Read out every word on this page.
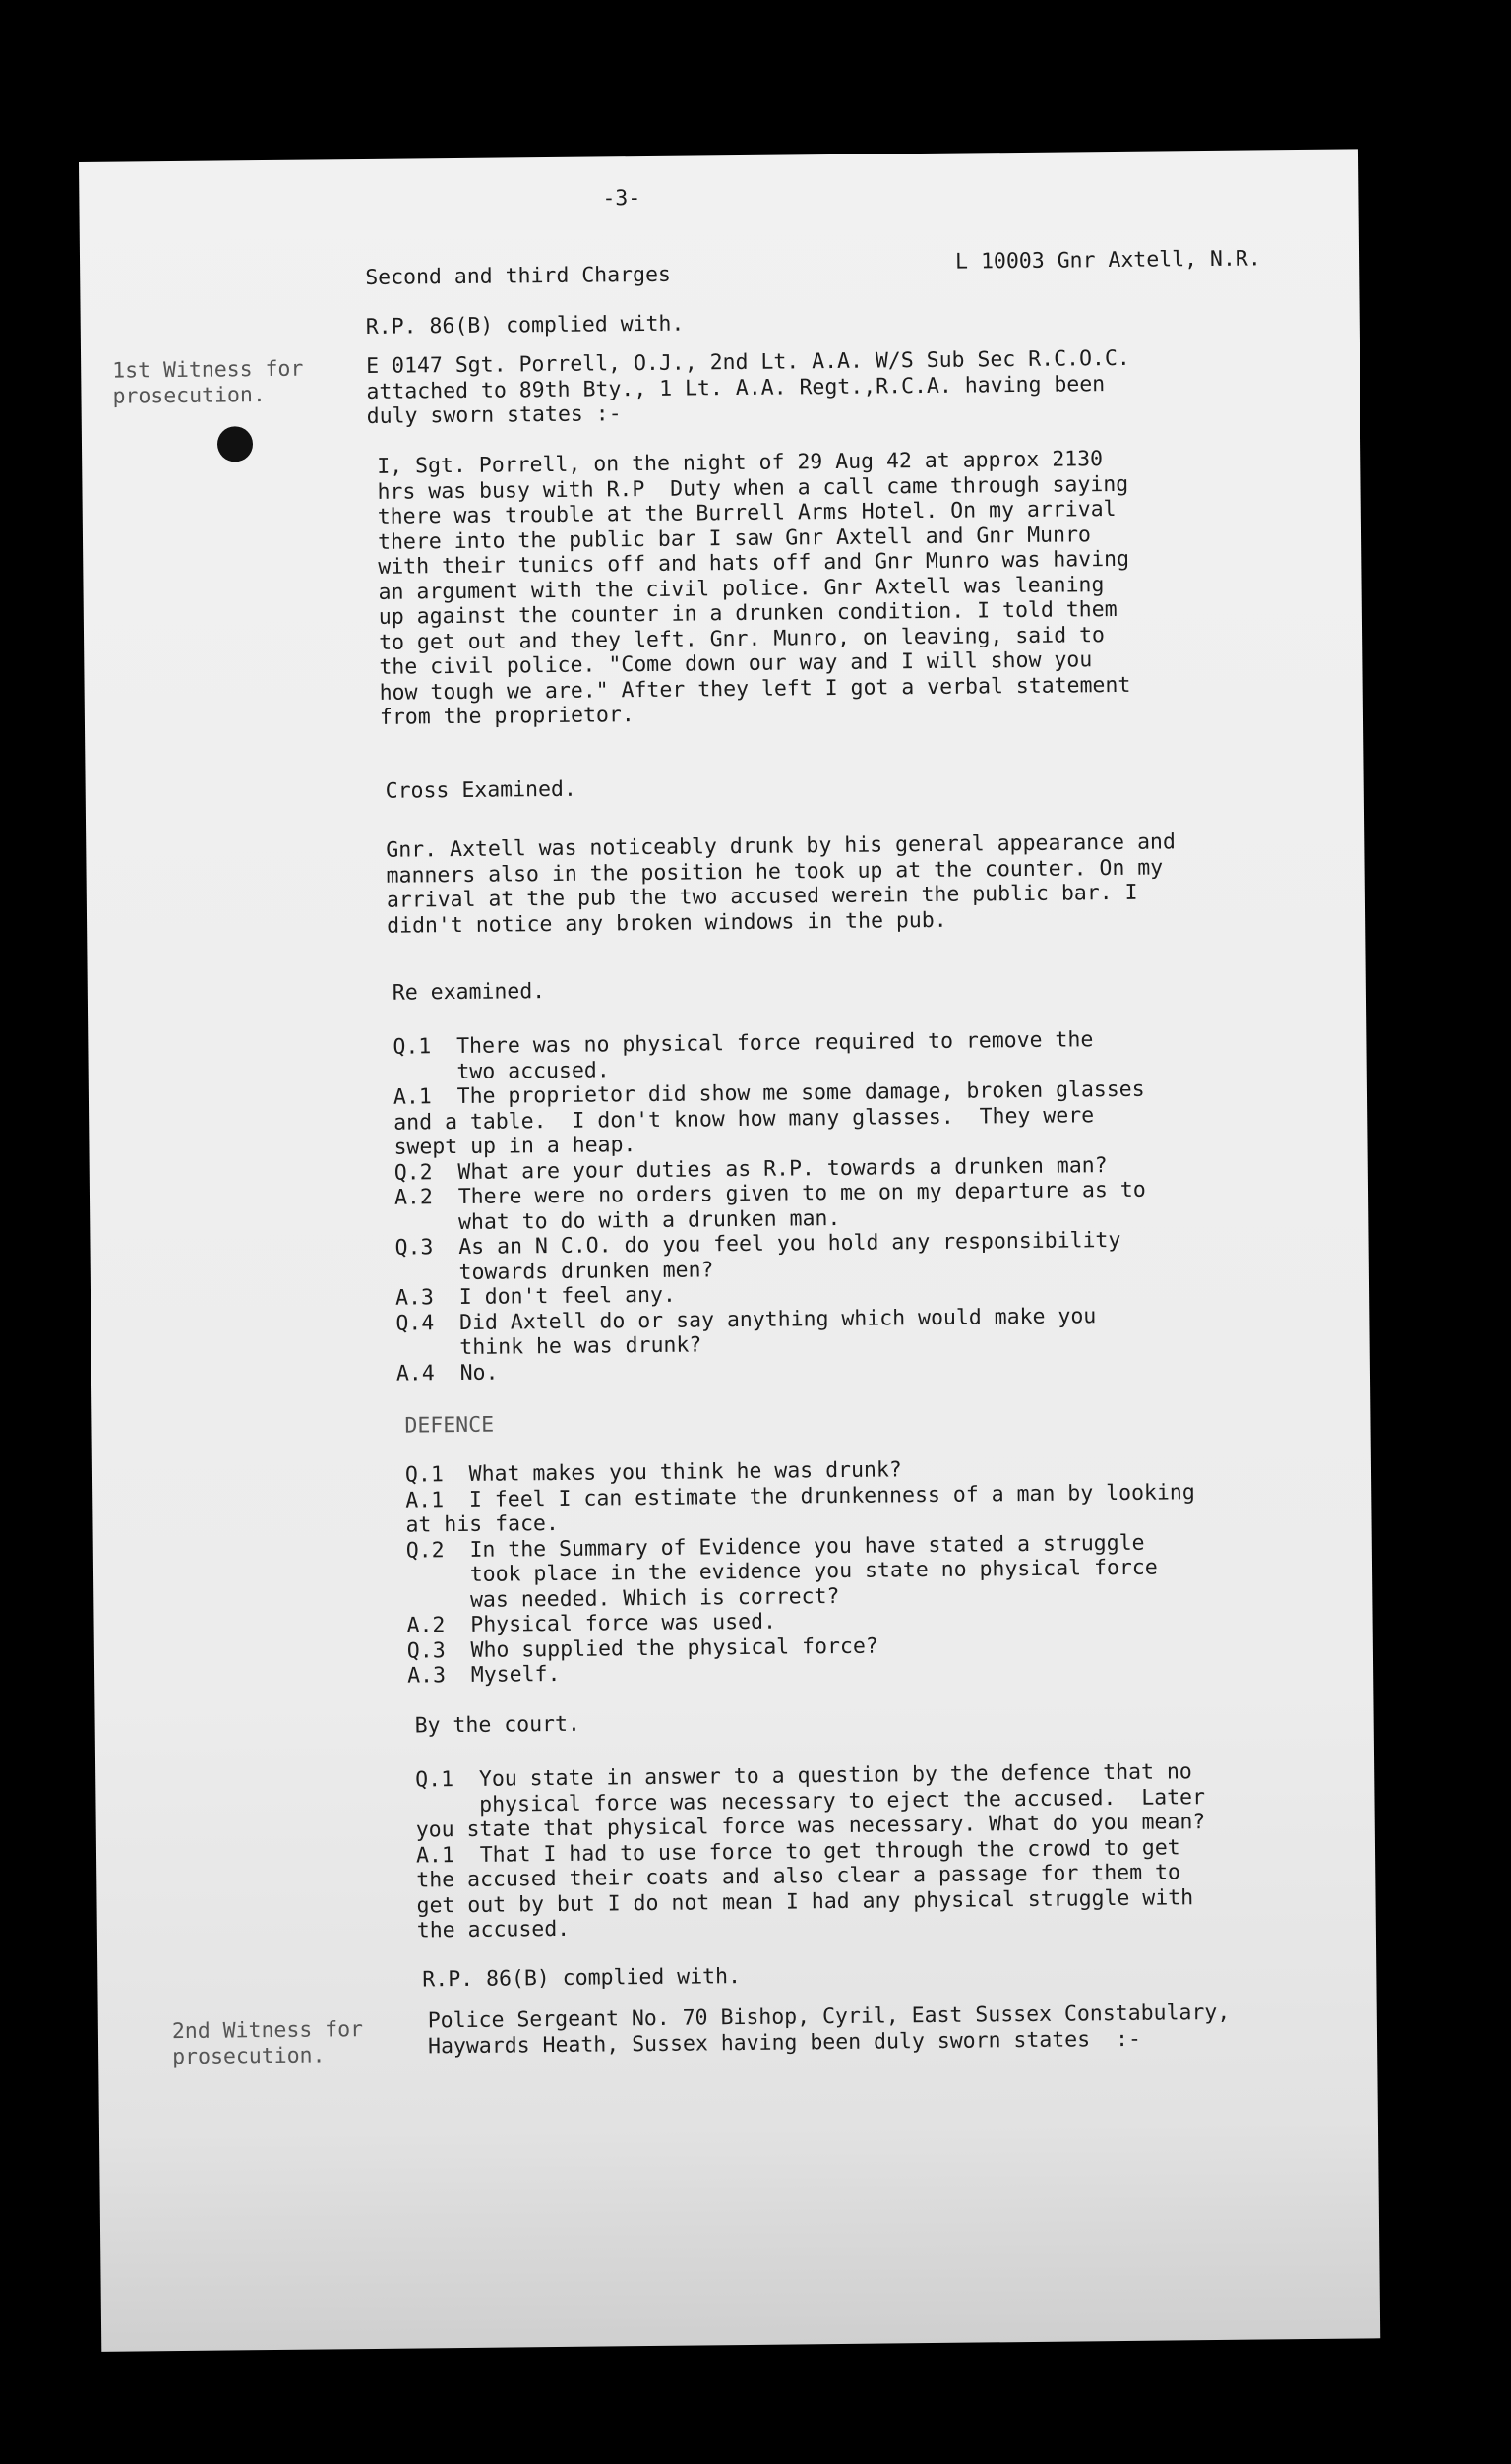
-3-
Second and third Charges
L 10003 Gnr Axtell, N.R.
R.P. 86(B) complied with.
1st Witness for
prosecution.
E 0147 Sgt. Porrell, O.J., 2nd Lt. A.A. W/S Sub Sec R.C.O.C.
attached to 89th Bty., 1 Lt. A.A. Regt.,R.C.A. having been
duly sworn states :-
I, Sgt. Porrell, on the night of 29 Aug 42 at approx 2130
hrs was busy with R.P  Duty when a call came through saying
there was trouble at the Burrell Arms Hotel. On my arrival
there into the public bar I saw Gnr Axtell and Gnr Munro
with their tunics off and hats off and Gnr Munro was having
an argument with the civil police. Gnr Axtell was leaning
up against the counter in a drunken condition. I told them
to get out and they left. Gnr. Munro, on leaving, said to
the civil police. "Come down our way and I will show you
how tough we are." After they left I got a verbal statement
from the proprietor.
Cross Examined.
Gnr. Axtell was noticeably drunk by his general appearance and
manners also in the position he took up at the counter. On my
arrival at the pub the two accused werein the public bar. I
didn't notice any broken windows in the pub.
Re examined.
Q.1  There was no physical force required to remove the
two accused.
A.1  The proprietor did show me some damage, broken glasses
and a table.  I don't know how many glasses.  They were
swept up in a heap.
Q.2  What are your duties as R.P. towards a drunken man?
A.2  There were no orders given to me on my departure as to
what to do with a drunken man.
Q.3  As an N C.O. do you feel you hold any responsibility
towards drunken men?
A.3  I don't feel any.
Q.4  Did Axtell do or say anything which would make you
think he was drunk?
A.4  No.
DEFENCE
Q.1  What makes you think he was drunk?
A.1  I feel I can estimate the drunkenness of a man by looking
at his face.
Q.2  In the Summary of Evidence you have stated a struggle
took place in the evidence you state no physical force
was needed. Which is correct?
A.2  Physical force was used.
Q.3  Who supplied the physical force?
A.3  Myself.
By the court.
Q.1  You state in answer to a question by the defence that no
physical force was necessary to eject the accused.  Later
you state that physical force was necessary. What do you mean?
A.1  That I had to use force to get through the crowd to get
the accused their coats and also clear a passage for them to
get out by but I do not mean I had any physical struggle with
the accused.
R.P. 86(B) complied with.
2nd Witness for
prosecution.
Police Sergeant No. 70 Bishop, Cyril, East Sussex Constabulary,
Haywards Heath, Sussex having been duly sworn states  :-
